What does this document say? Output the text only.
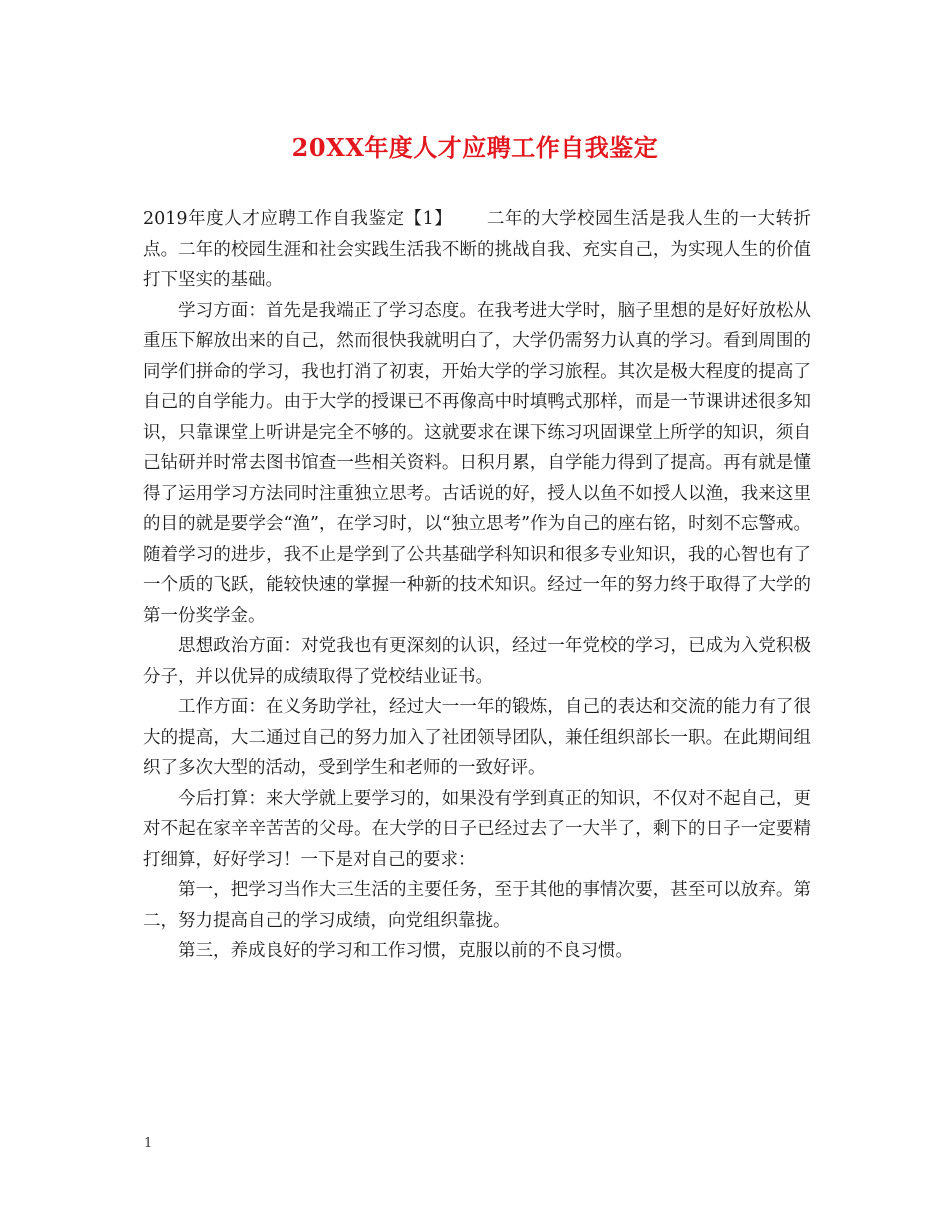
20XX年度人才应聘工作自我鉴定

2019年度人才应聘工作自我鉴定【1】 二年的大学校园生活是我人生的一大转折点。二年的校园生涯和社会实践生活我不断的挑战自我、充实自己，为实现人生的价值打下坚实的基础。

学习方面：首先是我端正了学习态度。在我考进大学时，脑子里想的是好好放松从重压下解放出来的自己，然而很快我就明白了，大学仍需努力认真的学习。看到周围的同学们拼命的学习，我也打消了初衷，开始大学的学习旅程。其次是极大程度的提高了自己的自学能力。由于大学的授课已不再像高中时填鸭式那样，而是一节课讲述很多知识，只靠课堂上听讲是完全不够的。这就要求在课下练习巩固课堂上所学的知识，须自己钻研并时常去图书馆查一些相关资料。日积月累，自学能力得到了提高。再有就是懂得了运用学习方法同时注重独立思考。古话说的好，授人以鱼不如授人以渔，我来这里的目的就是要学会“渔”，在学习时，以“独立思考”作为自己的座右铭，时刻不忘警戒。随着学习的进步，我不止是学到了公共基础学科知识和很多专业知识，我的心智也有了一个质的飞跃，能较快速的掌握一种新的技术知识。经过一年的努力终于取得了大学的第一份奖学金。

思想政治方面：对党我也有更深刻的认识，经过一年党校的学习，已成为入党积极分子，并以优异的成绩取得了党校结业证书。

工作方面：在义务助学社，经过大一一年的锻炼，自己的表达和交流的能力有了很大的提高，大二通过自己的努力加入了社团领导团队，兼任组织部长一职。在此期间组织了多次大型的活动，受到学生和老师的一致好评。

今后打算：来大学就上要学习的，如果没有学到真正的知识，不仅对不起自己，更对不起在家辛辛苦苦的父母。在大学的日子已经过去了一大半了，剩下的日子一定要精打细算，好好学习！一下是对自己的要求：

第一，把学习当作大三生活的主要任务，至于其他的事情次要，甚至可以放弃。第二，努力提高自己的学习成绩，向党组织靠拢。

第三，养成良好的学习和工作习惯，克服以前的不良习惯。

1
